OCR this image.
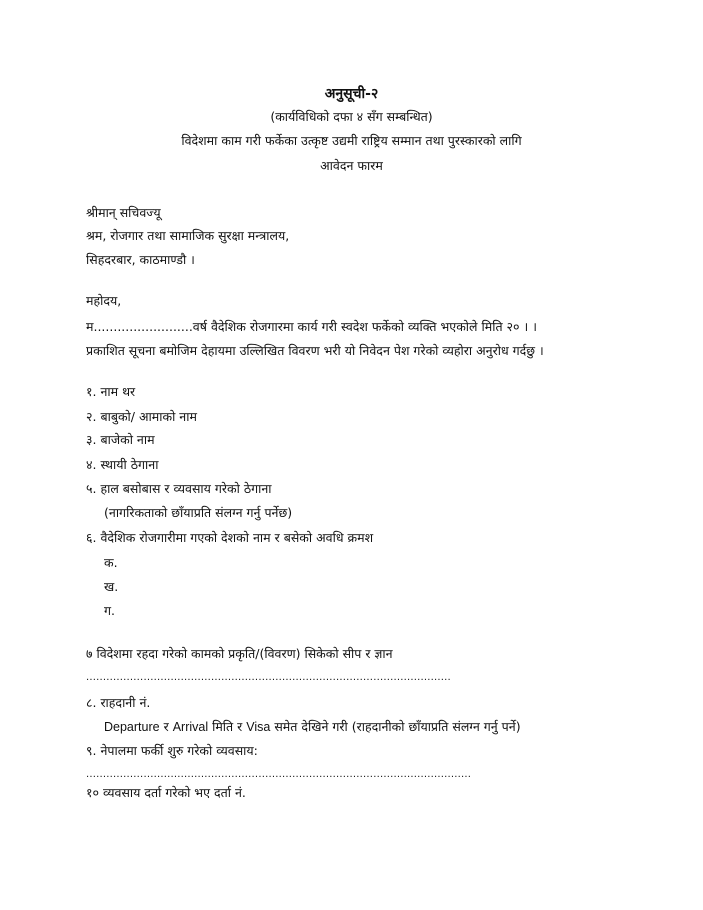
अनुसूची-२
(कार्यविधिको दफा ४ सँग सम्बन्धित)
विदेशमा काम गरी फर्केका उत्कृष्ट उद्यमी राष्ट्रिय सम्मान तथा पुरस्कारको लागि
आवेदन फारम
श्रीमान् सचिवज्यू
श्रम, रोजगार तथा सामाजिक सुरक्षा मन्त्रालय,
सिहदरबार, काठमाण्डौ ।
महोदय,
म.........................वर्ष वैदेशिक रोजगारमा कार्य गरी स्वदेश फर्केको व्यक्ति भएकोले मिति २० । ।
प्रकाशित सूचना बमोजिम देहायमा उल्लिखित विवरण भरी यो निवेदन पेश गरेको व्यहोरा अनुरोध गर्दछु ।
१. नाम थर
२. बाबुको/ आमाको नाम
३. बाजेको नाम
४. स्थायी ठेगाना
५. हाल बसोबास र व्यवसाय गरेको ठेगाना
(नागरिकताको छाँयाप्रति संलग्न गर्नु पर्नेछ)
६. वैदेशिक रोजगारीमा गएको देशको नाम र बसेको अवधि क्रमश
क.
ख.
ग.
७ विदेशमा रहदा गरेको कामको प्रकृति/(विवरण) सिकेको सीप र ज्ञान
............................................................................................................
८. राहदानी नं.
Departure र Arrival मिति र Visa समेत देखिने गरी (राहदानीको छाँयाप्रति संलग्न गर्नु पर्ने)
९. नेपालमा फर्की शुरु गरेको व्यवसाय:
..................................................................................................................
१० व्यवसाय दर्ता गरेको भए दर्ता नं.
